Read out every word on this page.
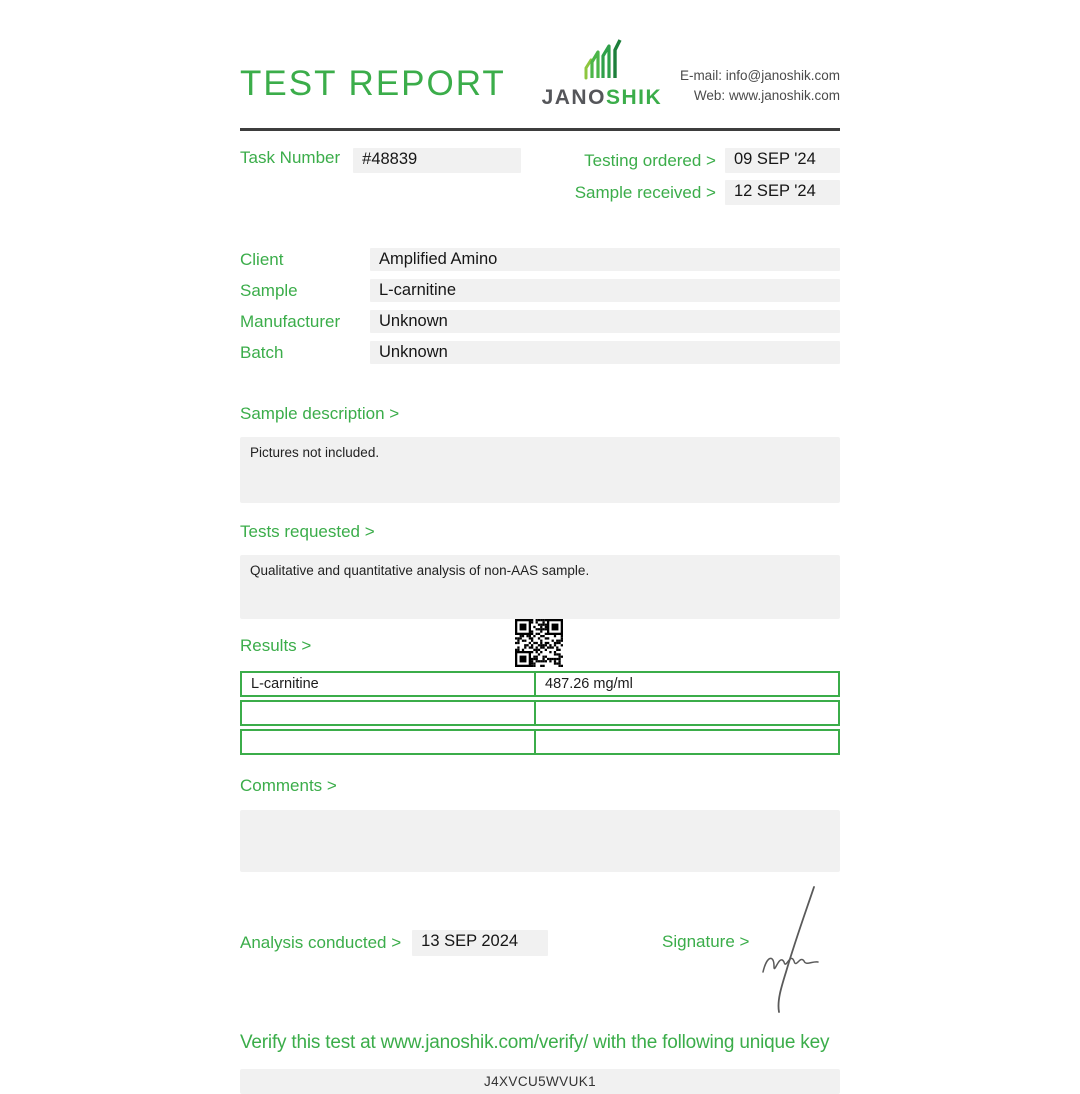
TEST REPORT JANOSHIK
E-mail: info@janoshik.com
Web: www.janoshik.com
Task Number	#48839	Testing ordered >	09 SEP '24
Sample received >	12 SEP '24
Client	Amplified Amino
Sample	L-carnitine
Manufacturer	Unknown
Batch	Unknown
Sample description >
Pictures not included.
Tests requested >
Qualitative and quantitative analysis of non-AAS sample.
Results >
L-carnitine	487.26 mg/ml
Comments >
Analysis conducted >	13 SEP 2024	Signature >
Verify this test at www.janoshik.com/verify/ with the following unique key
J4XVCU5WVUK1
